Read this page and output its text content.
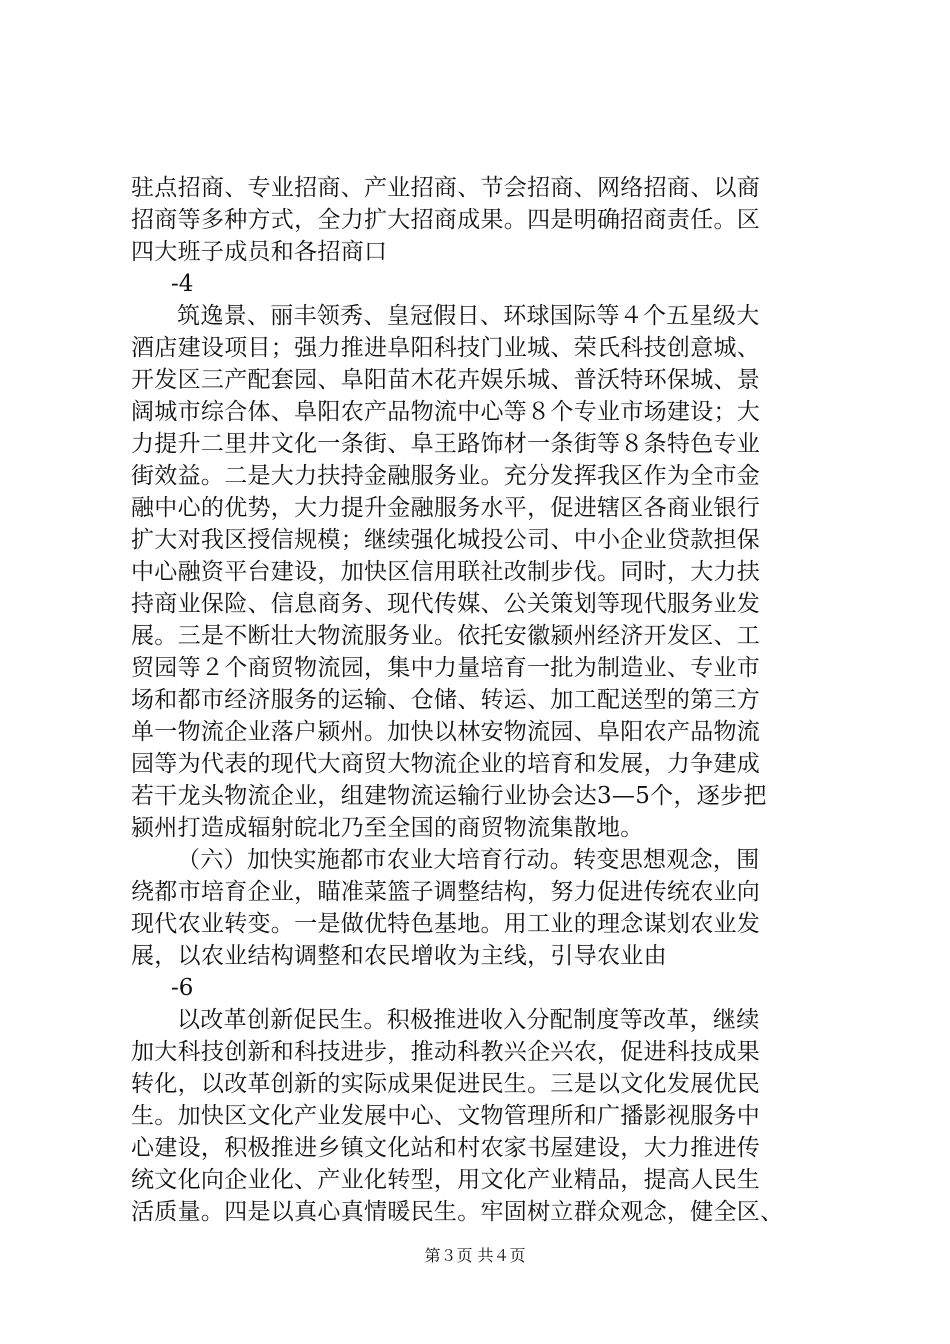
驻点招商、专业招商、产业招商、节会招商、网络招商、以商
招商等多种方式，全力扩大招商成果。四是明确招商责任。区
四大班子成员和各招商口
-4
筑逸景、丽丰领秀、皇冠假日、环球国际等４个五星级大
酒店建设项目；强力推进阜阳科技门业城、荣氏科技创意城、
开发区三产配套园、阜阳苗木花卉娱乐城、普沃特环保城、景
阔城市综合体、阜阳农产品物流中心等８个专业市场建设；大
力提升二里井文化一条街、阜王路饰材一条街等８条特色专业
街效益。二是大力扶持金融服务业。充分发挥我区作为全市金
融中心的优势，大力提升金融服务水平，促进辖区各商业银行
扩大对我区授信规模；继续强化城投公司、中小企业贷款担保
中心融资平台建设，加快区信用联社改制步伐。同时，大力扶
持商业保险、信息商务、现代传媒、公关策划等现代服务业发
展。三是不断壮大物流服务业。依托安徽颍州经济开发区、工
贸园等２个商贸物流园，集中力量培育一批为制造业、专业市
场和都市经济服务的运输、仓储、转运、加工配送型的第三方
单一物流企业落户颍州。加快以林安物流园、阜阳农产品物流
园等为代表的现代大商贸大物流企业的培育和发展，力争建成
若干龙头物流企业，组建物流运输行业协会达3—5个，逐步把
颍州打造成辐射皖北乃至全国的商贸物流集散地。
（六）加快实施都市农业大培育行动。转变思想观念，围
绕都市培育企业，瞄准菜篮子调整结构，努力促进传统农业向
现代农业转变。一是做优特色基地。用工业的理念谋划农业发
展，以农业结构调整和农民增收为主线，引导农业由
-6
以改革创新促民生。积极推进收入分配制度等改革，继续
加大科技创新和科技进步，推动科教兴企兴农，促进科技成果
转化，以改革创新的实际成果促进民生。三是以文化发展优民
生。加快区文化产业发展中心、文物管理所和广播影视服务中
心建设，积极推进乡镇文化站和村农家书屋建设，大力推进传
统文化向企业化、产业化转型，用文化产业精品，提高人民生
活质量。四是以真心真情暖民生。牢固树立群众观念，健全区、
第３页 共４页
